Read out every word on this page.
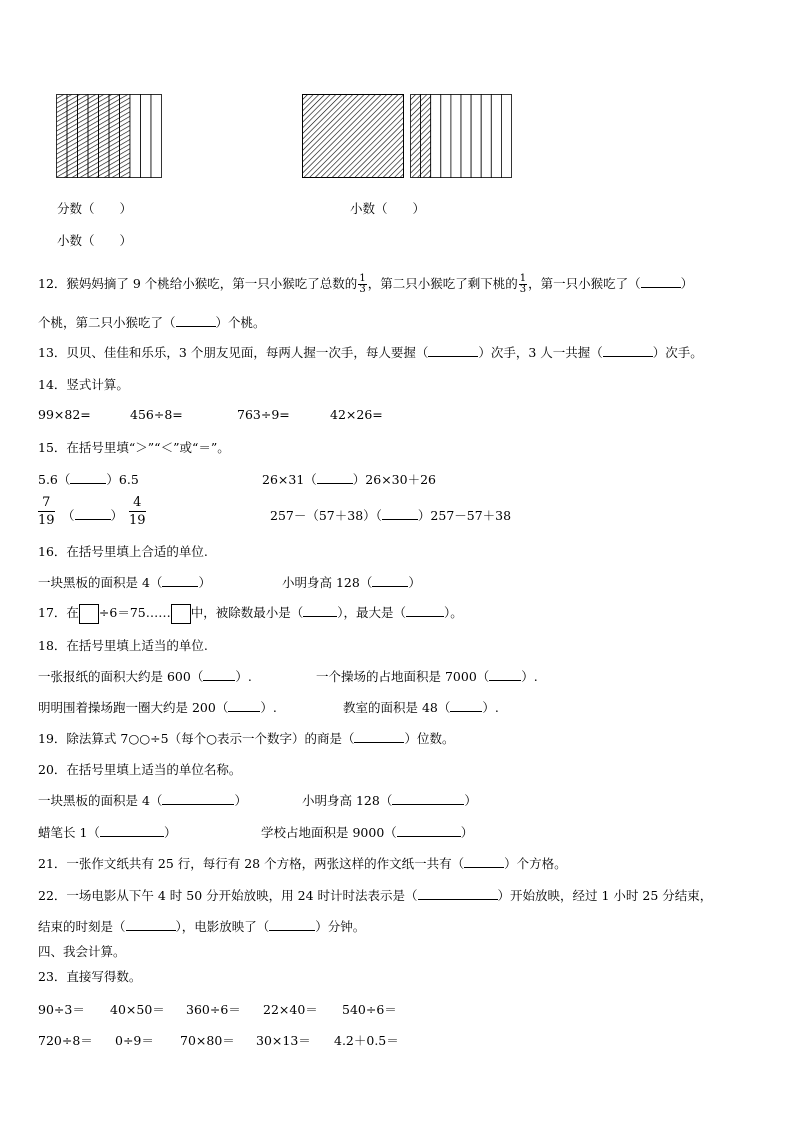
分数（　　）	小数（　　）
小数（　　）
12．猴妈妈摘了 9 个桃给小猴吃，第一只小猴吃了总数的 $\frac{1}{3}$ ，第二只小猴吃了剩下桃的 $\frac{1}{3}$ ，第一只小猴吃了（	）
个桃，第二只小猴吃了（	）个桃。
13．贝贝、佳佳和乐乐，3 个朋友见面，每两人握一次手，每人要握（	）次手，3 人一共握（	）次手。
14．竖式计算。
99×82=	456÷8=	763÷9=	42×26=
15．在括号里填“＞”“＜”或“＝”。
5.6（	）6.5	26×31（	）26×30＋26
$\frac{7}{19}$ （	） $\frac{4}{19}$	257－（57＋38）（	）257－57＋38
16．在括号里填上合适的单位.
一块黑板的面积是 4（	）	小明身高 128（	）
17．在 ÷6＝75…… 中，被除数最小是（	），最大是（	）。
18．在括号里填上适当的单位.
一张报纸的面积大约是 600（	）.	一个操场的占地面积是 7000（	）.
明明围着操场跑一圈大约是 200（	）.	教室的面积是 48（	）.
19．除法算式 7○○÷5（每个○表示一个数字）的商是（	）位数。
20．在括号里填上适当的单位名称。
一块黑板的面积是 4（	）	小明身高 128（	）
蜡笔长 1（	）	学校占地面积是 9000（	）
21．一张作文纸共有 25 行，每行有 28 个方格，两张这样的作文纸一共有（	）个方格。
22．一场电影从下午 4 时 50 分开始放映，用 24 时计时法表示是（	）开始放映，经过 1 小时 25 分结束，
结束的时刻是（	），电影放映了（	）分钟。
四、我会计算。
23．直接写得数。
90÷3＝ 40×50＝ 360÷6＝ 22×40＝ 540÷6＝
720÷8＝ 0÷9＝ 70×80＝ 30×13＝ 4.2＋0.5＝
